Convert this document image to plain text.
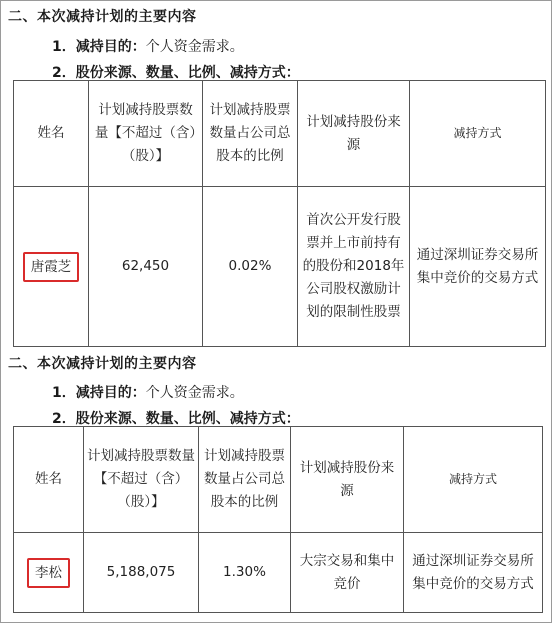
二、本次减持计划的主要内容
1．减持目的：个人资金需求。
2．股份来源、数量、比例、减持方式：
姓名	计划减持股票数量【不超过（含）（股）】	计划减持股票数量占公司总股本的比例	计划减持股份来源	减持方式
唐霞芝	62,450	0.02%	首次公开发行股票并上市前持有的股份和2018年公司股权激励计划的限制性股票	通过深圳证券交易所集中竞价的交易方式
二、本次减持计划的主要内容
1．减持目的：个人资金需求。
2．股份来源、数量、比例、减持方式：
姓名	计划减持股票数量【不超过（含）（股）】	计划减持股票数量占公司总股本的比例	计划减持股份来源	减持方式
李松	5,188,075	1.30%	大宗交易和集中竞价	通过深圳证券交易所集中竞价的交易方式
